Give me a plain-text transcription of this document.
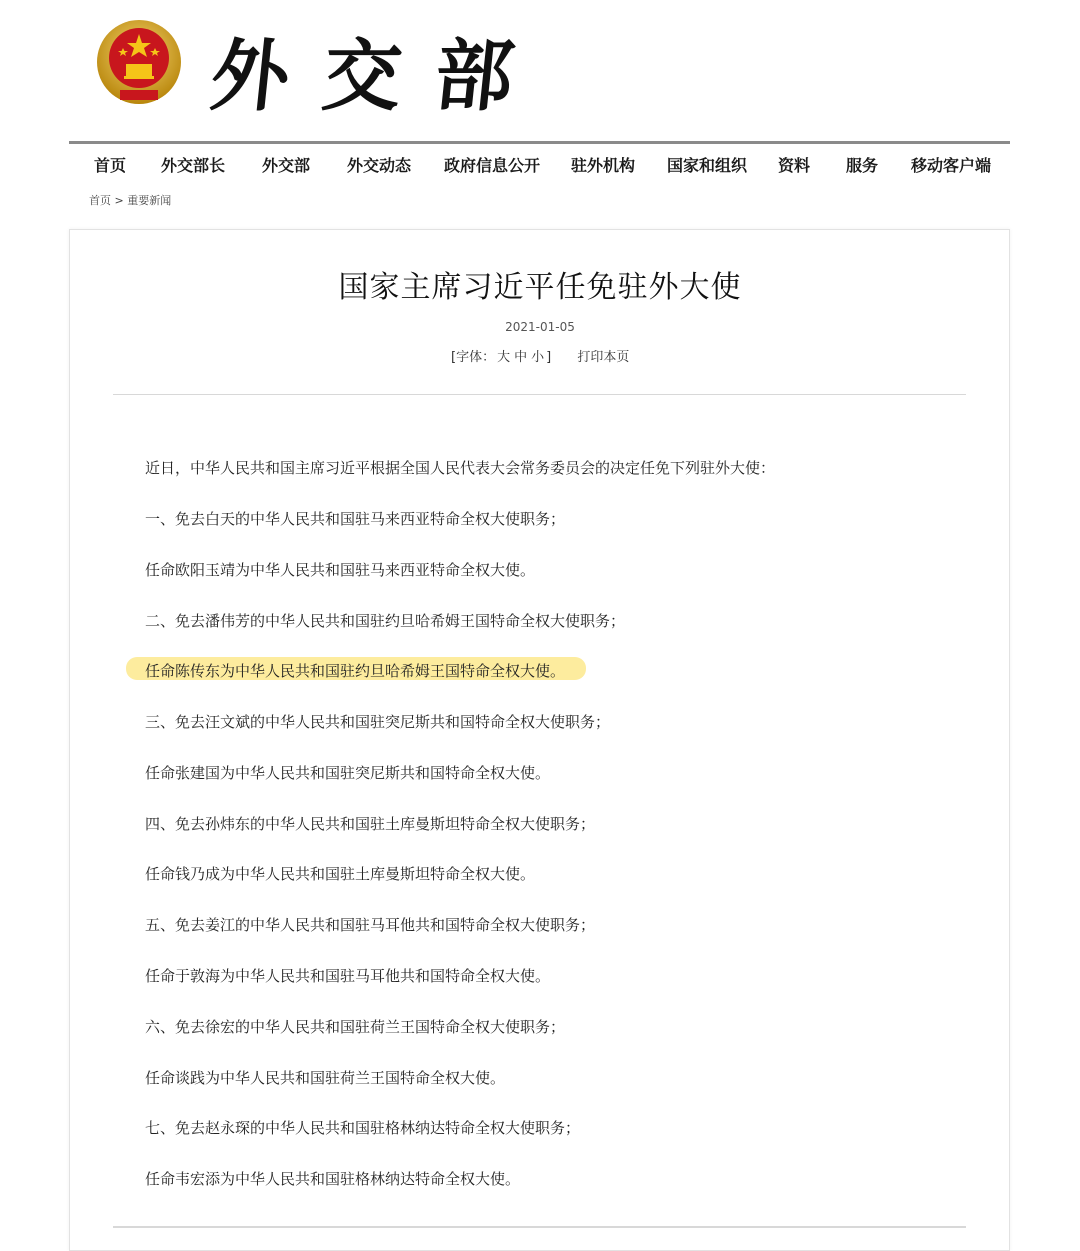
外 交 部
首页 外交部长 外交部 外交动态 政府信息公开 驻外机构 国家和组织 资料 服务 移动客户端
首页 > 重要新闻
国家主席习近平任免驻外大使
2021-01-05
[字体： 大 中 小 ] 打印本页
近日，中华人民共和国主席习近平根据全国人民代表大会常务委员会的决定任免下列驻外大使：
一、免去白天的中华人民共和国驻马来西亚特命全权大使职务；
任命欧阳玉靖为中华人民共和国驻马来西亚特命全权大使。
二、免去潘伟芳的中华人民共和国驻约旦哈希姆王国特命全权大使职务；
任命陈传东为中华人民共和国驻约旦哈希姆王国特命全权大使。
三、免去汪文斌的中华人民共和国驻突尼斯共和国特命全权大使职务；
任命张建国为中华人民共和国驻突尼斯共和国特命全权大使。
四、免去孙炜东的中华人民共和国驻土库曼斯坦特命全权大使职务；
任命钱乃成为中华人民共和国驻土库曼斯坦特命全权大使。
五、免去姜江的中华人民共和国驻马耳他共和国特命全权大使职务；
任命于敦海为中华人民共和国驻马耳他共和国特命全权大使。
六、免去徐宏的中华人民共和国驻荷兰王国特命全权大使职务；
任命谈践为中华人民共和国驻荷兰王国特命全权大使。
七、免去赵永琛的中华人民共和国驻格林纳达特命全权大使职务；
任命韦宏添为中华人民共和国驻格林纳达特命全权大使。
